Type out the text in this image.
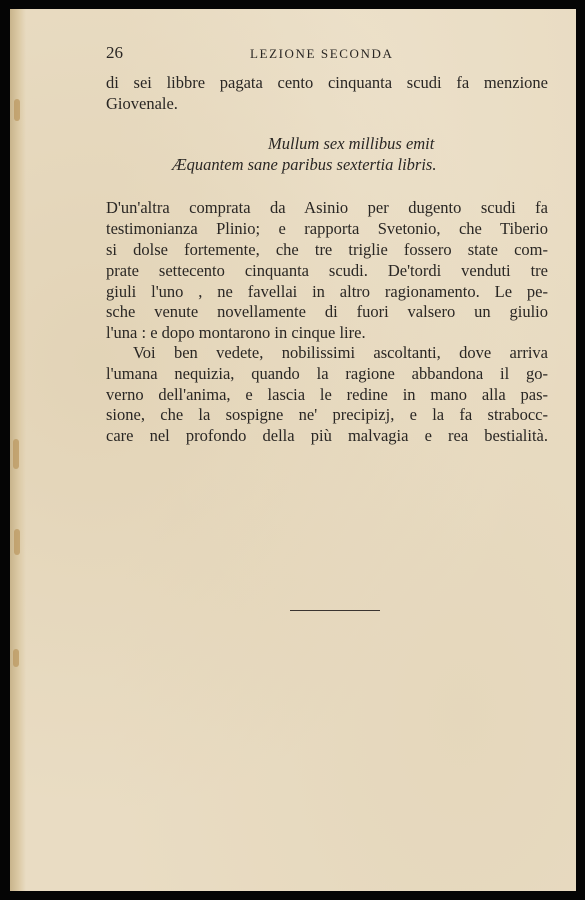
26	LEZIONE SECONDA
di sei libbre pagata cento cinquanta scudi fa menzione
Giovenale.
Mullum sex millibus emit
Æquantem sane paribus sextertia libris.
D'un'altra comprata da Asinio per dugento scudi fa
testimonianza Plinio; e rapporta Svetonio, che Tiberio
si dolse fortemente, che tre triglie fossero state com-
prate settecento cinquanta scudi. De'tordi venduti tre
giuli l'uno , ne favellai in altro ragionamento. Le pe-
sche venute novellamente di fuori valsero un giulio
l'una : e dopo montarono in cinque lire.
Voi ben vedete, nobilissimi ascoltanti, dove arriva
l'umana nequizia, quando la ragione abbandona il go-
verno dell'anima, e lascia le redine in mano alla pas-
sione, che la sospigne ne' precipizj, e la fa strabocc-
care nel profondo della più malvagia e rea bestialità.
